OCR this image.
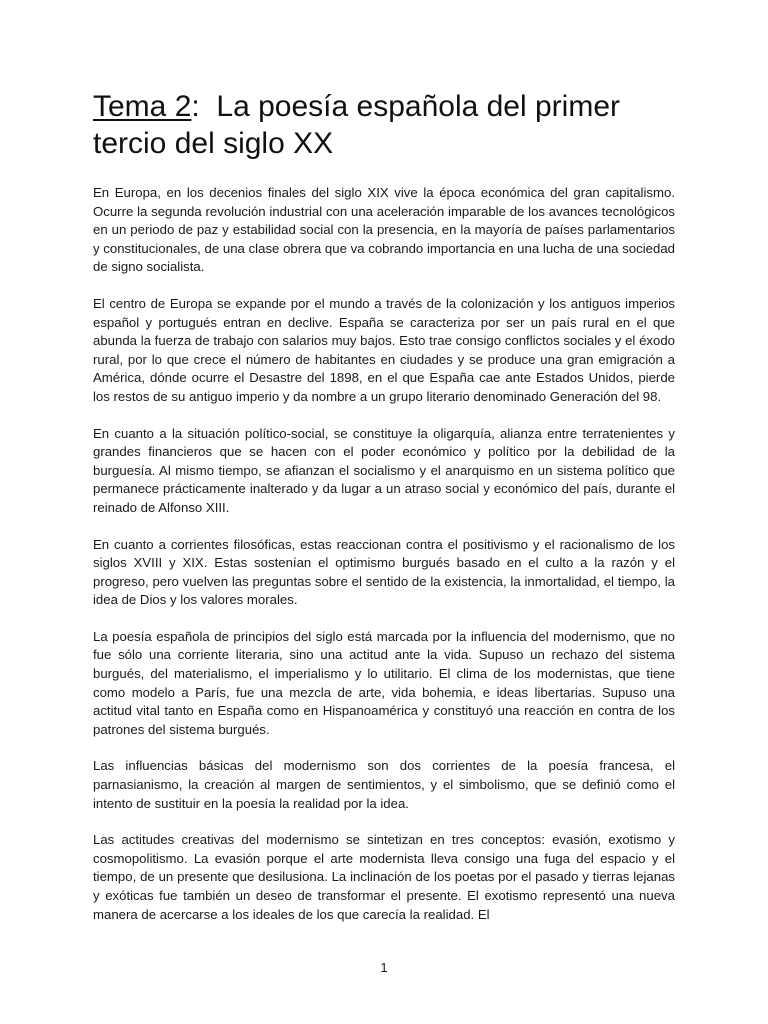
Tema 2: La poesía española del primer tercio del siglo XX

En Europa, en los decenios finales del siglo XIX vive la época económica del gran capitalismo. Ocurre la segunda revolución industrial con una aceleración imparable de los avances tecnológicos en un periodo de paz y estabilidad social con la presencia, en la mayoría de países parlamentarios y constitucionales, de una clase obrera que va cobrando importancia en una lucha de una sociedad de signo socialista.

El centro de Europa se expande por el mundo a través de la colonización y los antiguos imperios español y portugués entran en declive. España se caracteriza por ser un país rural en el que abunda la fuerza de trabajo con salarios muy bajos. Esto trae consigo conflictos sociales y el éxodo rural, por lo que crece el número de habitantes en ciudades y se produce una gran emigración a América, dónde ocurre el Desastre del 1898, en el que España cae ante Estados Unidos, pierde los restos de su antiguo imperio y da nombre a un grupo literario denominado Generación del 98.

En cuanto a la situación político-social, se constituye la oligarquía, alianza entre terratenientes y grandes financieros que se hacen con el poder económico y político por la debilidad de la burguesía. Al mismo tiempo, se afianzan el socialismo y el anarquismo en un sistema político que permanece prácticamente inalterado y da lugar a un atraso social y económico del país, durante el reinado de Alfonso XIII.

En cuanto a corrientes filosóficas, estas reaccionan contra el positivismo y el racionalismo de los siglos XVIII y XIX. Estas sostenían el optimismo burgués basado en el culto a la razón y el progreso, pero vuelven las preguntas sobre el sentido de la existencia, la inmortalidad, el tiempo, la idea de Dios y los valores morales.

La poesía española de principios del siglo está marcada por la influencia del modernismo, que no fue sólo una corriente literaria, sino una actitud ante la vida. Supuso un rechazo del sistema burgués, del materialismo, el imperialismo y lo utilitario. El clima de los modernistas, que tiene como modelo a París, fue una mezcla de arte, vida bohemia, e ideas libertarias. Supuso una actitud vital tanto en España como en Hispanoamérica y constituyó una reacción en contra de los patrones del sistema burgués.

Las influencias básicas del modernismo son dos corrientes de la poesía francesa, el parnasianismo, la creación al margen de sentimientos, y el simbolismo, que se definió como el intento de sustituir en la poesía la realidad por la idea.

Las actitudes creativas del modernismo se sintetizan en tres conceptos: evasión, exotismo y cosmopolitismo. La evasión porque el arte modernista lleva consigo una fuga del espacio y el tiempo, de un presente que desilusiona. La inclinación de los poetas por el pasado y tierras lejanas y exóticas fue también un deseo de transformar el presente. El exotismo representó una nueva manera de acercarse a los ideales de los que carecía la realidad. El

1
